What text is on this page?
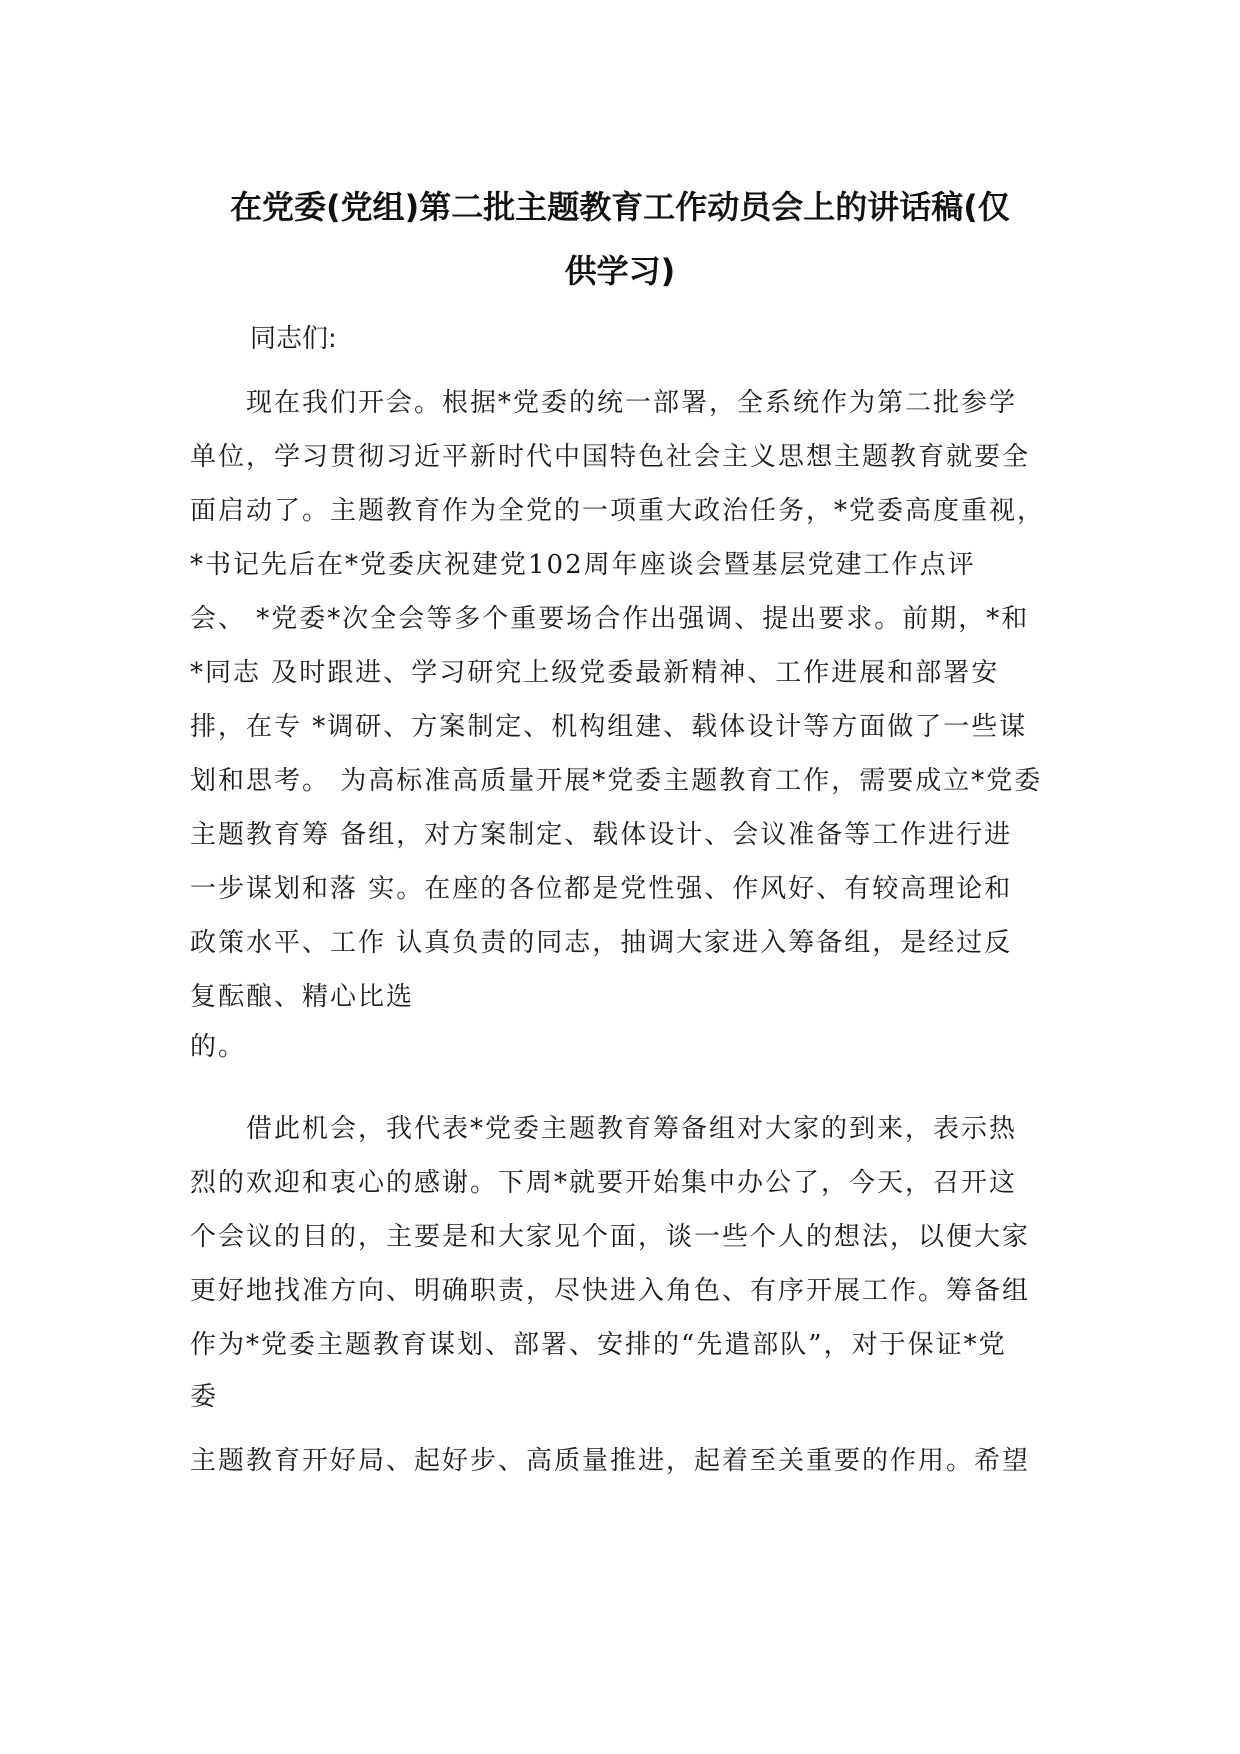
在党委(党组)第二批主题教育工作动员会上的讲话稿(仅
供学习)
同志们:
现在我们开会。根据*党委的统一部署，全系统作为第二批参学
单位，学习贯彻习近平新时代中国特色社会主义思想主题教育就要全
面启动了。主题教育作为全党的一项重大政治任务，*党委高度重视，
*书记先后在*党委庆祝建党102周年座谈会暨基层党建工作点评
会、 *党委*次全会等多个重要场合作出强调、提出要求。前期，*和
*同志 及时跟进、学习研究上级党委最新精神、工作进展和部署安
排，在专 *调研、方案制定、机构组建、载体设计等方面做了一些谋
划和思考。 为高标准高质量开展*党委主题教育工作，需要成立*党委
主题教育筹 备组，对方案制定、载体设计、会议准备等工作进行进
一步谋划和落 实。在座的各位都是党性强、作风好、有较高理论和
政策水平、工作 认真负责的同志，抽调大家进入筹备组，是经过反
复酝酿、精心比选
的。
借此机会，我代表*党委主题教育筹备组对大家的到来，表示热
烈的欢迎和衷心的感谢。下周*就要开始集中办公了，今天，召开这
个会议的目的，主要是和大家见个面，谈一些个人的想法，以便大家
更好地找准方向、明确职责，尽快进入角色、有序开展工作。筹备组
作为*党委主题教育谋划、部署、安排的“先遣部队”，对于保证*党
委
主题教育开好局、起好步、高质量推进，起着至关重要的作用。希望
